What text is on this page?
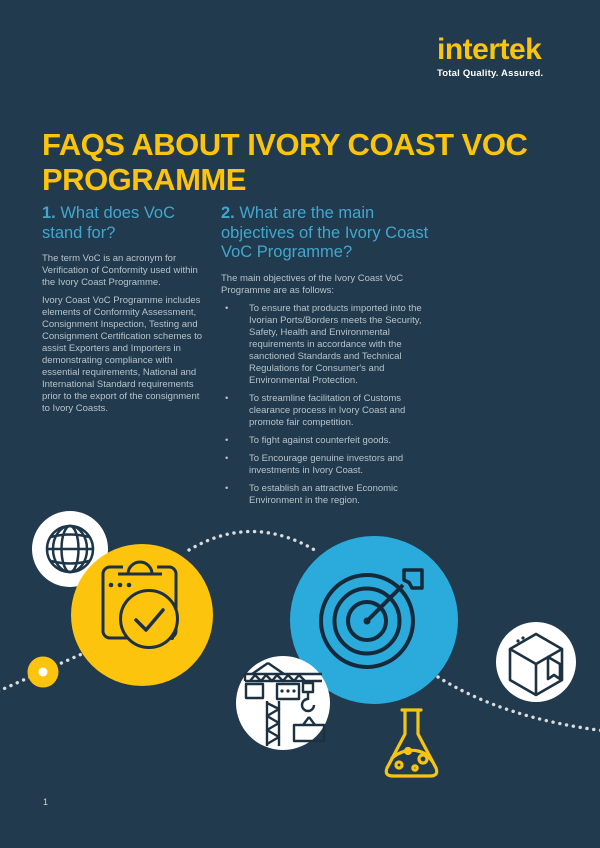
intertek
Total Quality. Assured.
FAQS ABOUT IVORY COAST VOC
PROGRAMME
1. What does VoC stand for?

The term VoC is an acronym for Verification of Conformity used within the Ivory Coast Programme.

Ivory Coast VoC Programme includes elements of Conformity Assessment, Consignment Inspection, Testing and Consignment Certification schemes to assist Exporters and Importers in demonstrating compliance with essential requirements, National and International Standard requirements prior to the export of the consignment to Ivory Coasts.

2. What are the main objectives of the Ivory Coast VoC Programme?

The main objectives of the Ivory Coast VoC Programme are as follows:

• To ensure that products imported into the Ivorian Ports/Borders meets the Security, Safety, Health and Environmental requirements in accordance with the sanctioned Standards and Technical Regulations for Consumer's and Environmental Protection.
• To streamline facilitation of Customs clearance process in Ivory Coast and promote fair competition.
• To fight against counterfeit goods.
• To Encourage genuine investors and investments in Ivory Coast.
• To establish an attractive Economic Environment in the region.
1
